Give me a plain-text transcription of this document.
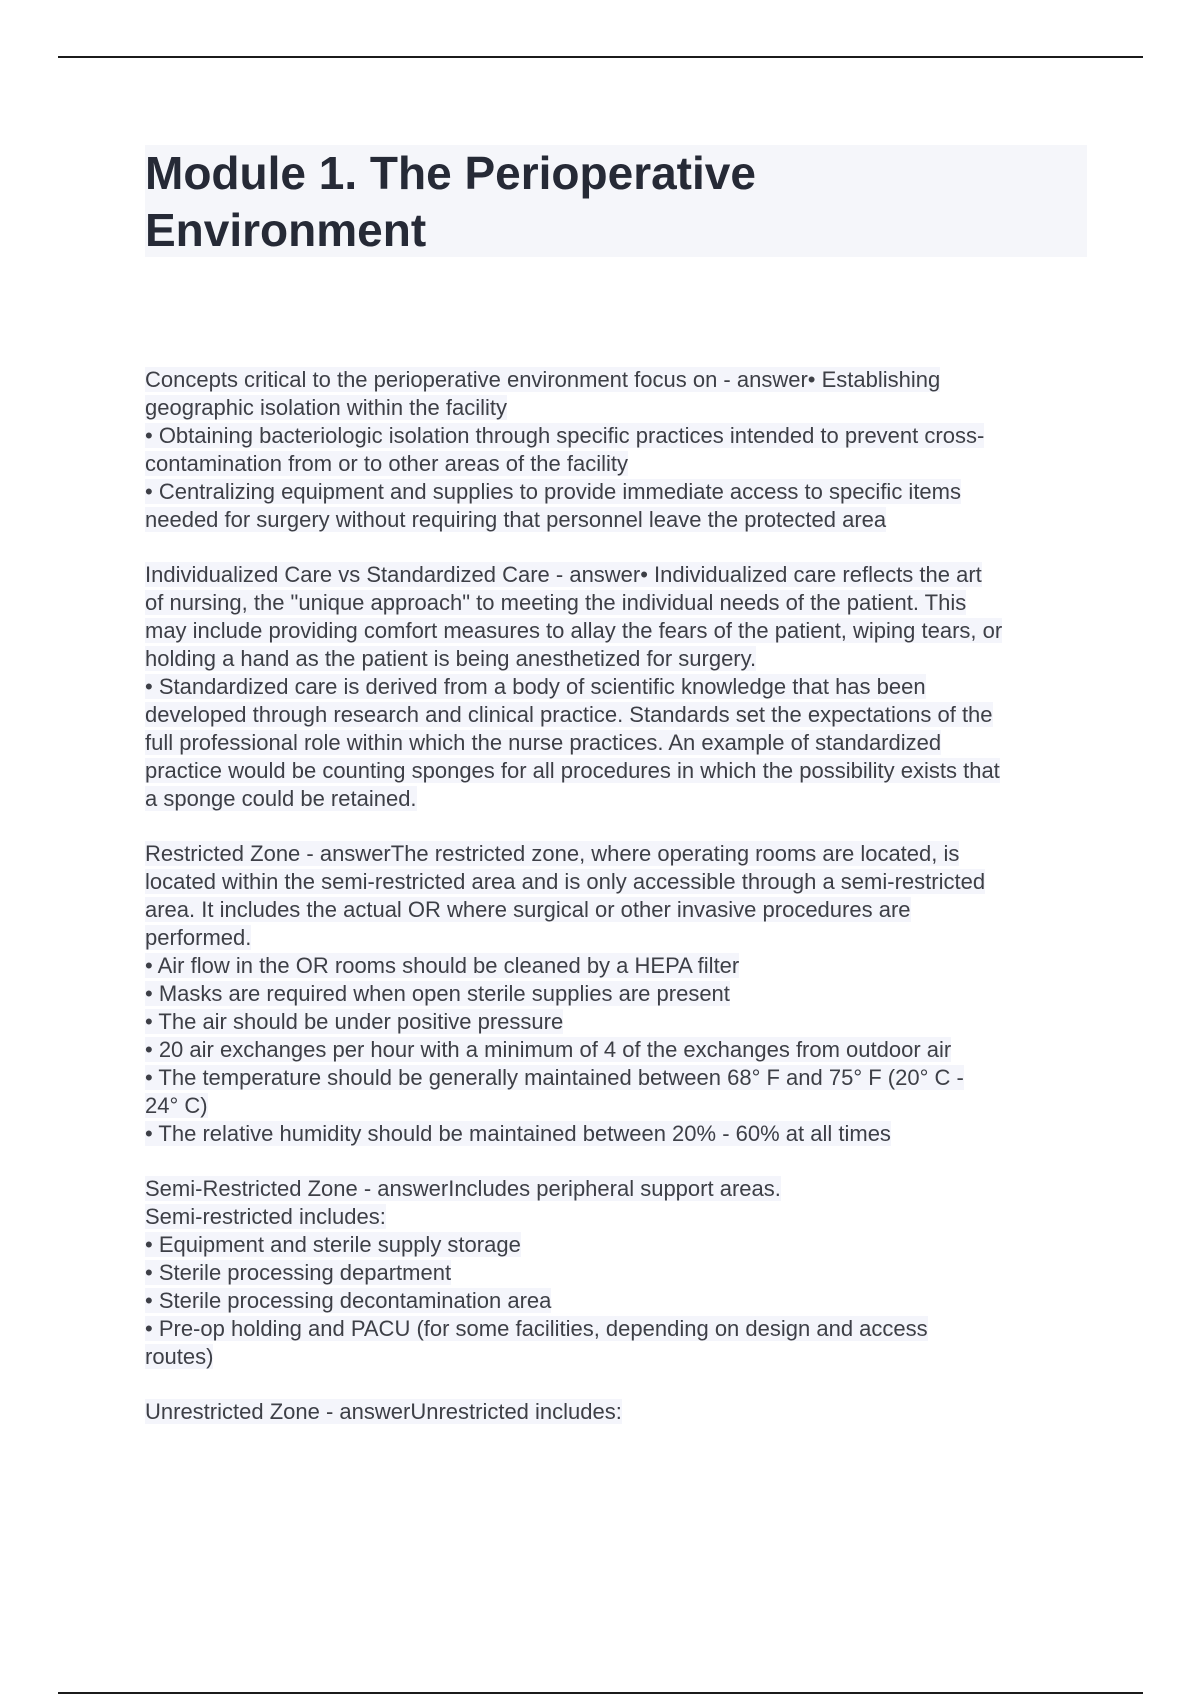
Module 1. The Perioperative
Environment
Concepts critical to the perioperative environment focus on - answer• Establishing
geographic isolation within the facility
• Obtaining bacteriologic isolation through specific practices intended to prevent cross-
contamination from or to other areas of the facility
• Centralizing equipment and supplies to provide immediate access to specific items
needed for surgery without requiring that personnel leave the protected area
Individualized Care vs Standardized Care - answer• Individualized care reflects the art
of nursing, the "unique approach" to meeting the individual needs of the patient. This
may include providing comfort measures to allay the fears of the patient, wiping tears, or
holding a hand as the patient is being anesthetized for surgery.
• Standardized care is derived from a body of scientific knowledge that has been
developed through research and clinical practice. Standards set the expectations of the
full professional role within which the nurse practices. An example of standardized
practice would be counting sponges for all procedures in which the possibility exists that
a sponge could be retained.
Restricted Zone - answerThe restricted zone, where operating rooms are located, is
located within the semi-restricted area and is only accessible through a semi-restricted
area. It includes the actual OR where surgical or other invasive procedures are
performed.
• Air flow in the OR rooms should be cleaned by a HEPA filter
• Masks are required when open sterile supplies are present
• The air should be under positive pressure
• 20 air exchanges per hour with a minimum of 4 of the exchanges from outdoor air
• The temperature should be generally maintained between 68° F and 75° F (20° C -
24° C)
• The relative humidity should be maintained between 20% - 60% at all times
Semi-Restricted Zone - answerIncludes peripheral support areas.
Semi-restricted includes:
• Equipment and sterile supply storage
• Sterile processing department
• Sterile processing decontamination area
• Pre-op holding and PACU (for some facilities, depending on design and access
routes)
Unrestricted Zone - answerUnrestricted includes:
